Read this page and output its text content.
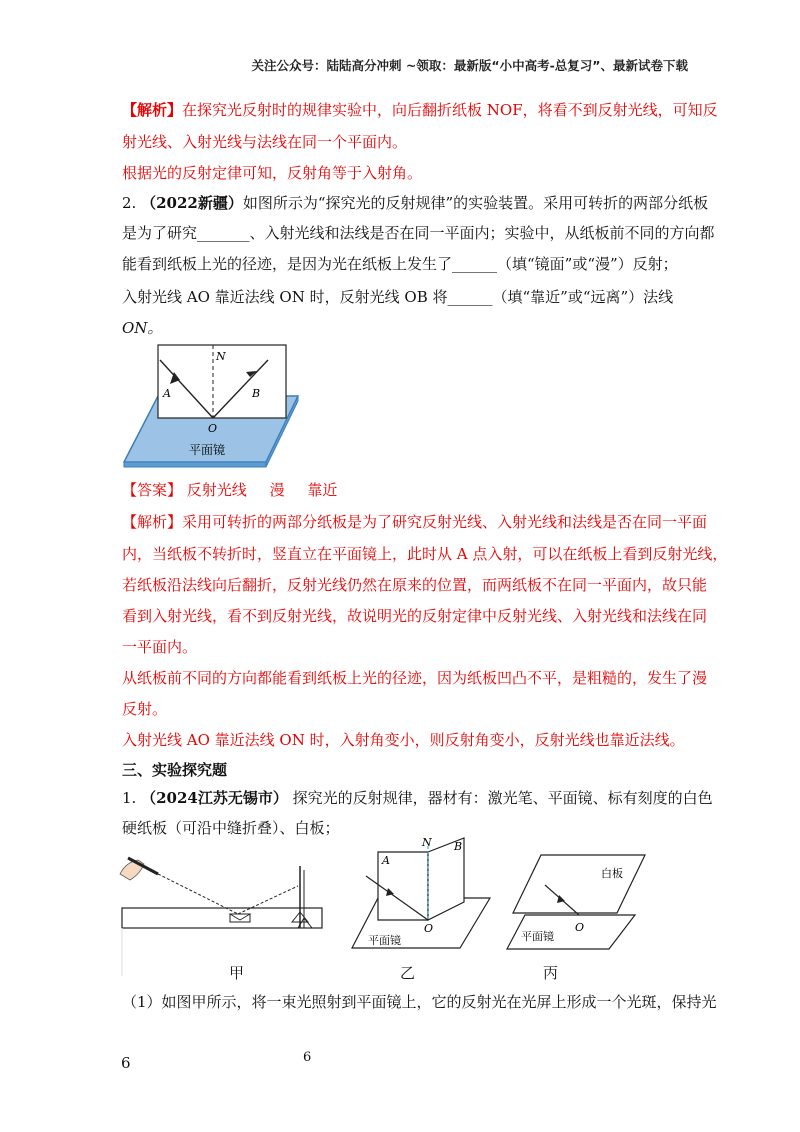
关注公众号：陆陆高分冲刺 ~领取：最新版“小中高考-总复习”、最新试卷下载
【解析】在探究光反射时的规律实验中，向后翻折纸板 NOF，将看不到反射光线，可知反
射光线、入射光线与法线在同一个平面内。
根据光的反射定律可知，反射角等于入射角。
2. （2022新疆）如图所示为“探究光的反射规律”的实验装置。采用可转折的两部分纸板
是为了研究_______、入射光线和法线是否在同一平面内；实验中，从纸板前不同的方向都
能看到纸板上光的径迹，是因为光在纸板上发生了______（填“镜面”或“漫”）反射；
入射光线 AO 靠近法线 ON 时，反射光线 OB 将______（填“靠近”或“远离”）法线
ON。
N
A	B
O
平面镜
【答案】 反射光线 漫 靠近
【解析】采用可转折的两部分纸板是为了研究反射光线、入射光线和法线是否在同一平面
内，当纸板不转折时，竖直立在平面镜上，此时从 A 点入射，可以在纸板上看到反射光线，
若纸板沿法线向后翻折，反射光线仍然在原来的位置，而两纸板不在同一平面内，故只能
看到入射光线，看不到反射光线，故说明光的反射定律中反射光线、入射光线和法线在同
一平面内。
从纸板前不同的方向都能看到纸板上光的径迹，因为纸板凹凸不平，是粗糙的，发生了漫
反射。
入射光线 AO 靠近法线 ON 时，入射角变小，则反射角变小，反射光线也靠近法线。
三、实验探究题
1. （2024江苏无锡市） 探究光的反射规律，器材有：激光笔、平面镜、标有刻度的白色
硬纸板（可沿中缝折叠）、白板；
甲
A
N B
O
平面镜
乙
白板
O
平面镜
丙
（1）如图甲所示，将一束光照射到平面镜上，它的反射光在光屏上形成一个光斑，保持光
6	6
